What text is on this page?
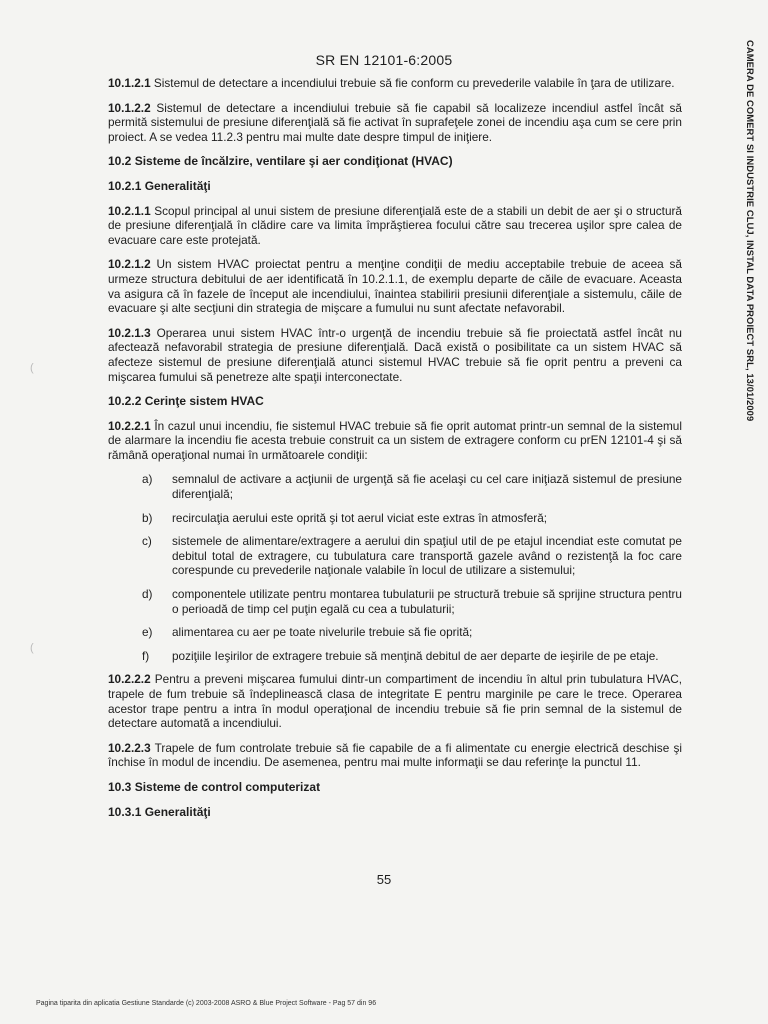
SR EN 12101-6:2005
10.1.2.1 Sistemul de detectare a incendiului trebuie să fie conform cu prevederile valabile în ţara de utilizare.
10.1.2.2 Sistemul de detectare a incendiului trebuie să fie capabil să localizeze incendiul astfel încât să permită sistemului de presiune diferenţială să fie activat în suprafeţele zonei de incendiu aşa cum se cere prin proiect. A se vedea 11.2.3 pentru mai multe date despre timpul de iniţiere.
10.2 Sisteme de încălzire, ventilare şi aer condiţionat (HVAC)
10.2.1 Generalităţi
10.2.1.1 Scopul principal al unui sistem de presiune diferenţială este de a stabili un debit de aer şi o structură de presiune diferenţială în clădire care va limita împrăştierea focului către sau trecerea uşilor spre calea de evacuare care este protejată.
10.2.1.2 Un sistem HVAC proiectat pentru a menţine condiţii de mediu acceptabile trebuie de aceea să urmeze structura debitului de aer identificată în 10.2.1.1, de exemplu departe de căile de evacuare. Aceasta va asigura că în fazele de început ale incendiului, înaintea stabilirii presiunii diferenţiale a sistemulu, căile de evacuare şi alte secţiuni din strategia de mişcare a fumului nu sunt afectate nefavorabil.
10.2.1.3 Operarea unui sistem HVAC într-o urgenţă de incendiu trebuie să fie proiectată astfel încât nu afectează nefavorabil strategia de presiune diferenţială. Dacă există o posibilitate ca un sistem HVAC să afecteze sistemul de presiune diferenţială atunci sistemul HVAC trebuie să fie oprit pentru a preveni ca mişcarea fumului să penetreze alte spaţii interconectate.
10.2.2 Cerinţe sistem HVAC
10.2.2.1 În cazul unui incendiu, fie sistemul HVAC trebuie să fie oprit automat printr-un semnal de la sistemul de alarmare la incendiu fie acesta trebuie construit ca un sistem de extragere conform cu prEN 12101-4 şi să rămână operaţional numai în următoarele condiţii:
a)	semnalul de activare a acţiunii de urgenţă să fie acelaşi cu cel care iniţiază sistemul de presiune diferenţială;
b)	recirculaţia aerului este oprită şi tot aerul viciat este extras în atmosferă;
c)	sistemele de alimentare/extragere a aerului din spaţiul util de pe etajul incendiat este comutat pe debitul total de extragere, cu tubulatura care transportă gazele având o rezistenţă la foc care corespunde cu prevederile naţionale valabile în locul de utilizare a sistemului;
d)	componentele utilizate pentru montarea tubulaturii pe structură trebuie să sprijine structura pentru o perioadă de timp cel puţin egală cu cea a tubulaturii;
e)	alimentarea cu aer pe toate nivelurile trebuie să fie oprită;
f)	poziţiile Ieşirilor de extragere trebuie să menţină debitul de aer departe de ieşirile de pe etaje.
10.2.2.2 Pentru a preveni mişcarea fumului dintr-un compartiment de incendiu în altul prin tubulatura HVAC, trapele de fum trebuie să îndeplinească clasa de integritate E pentru marginile pe care le trece. Operarea acestor trape pentru a intra în modul operaţional de incendiu trebuie să fie prin semnal de la sistemul de detectare automată a incendiului.
10.2.2.3 Trapele de fum controlate trebuie să fie capabile de a fi alimentate cu energie electrică deschise şi închise în modul de incendiu. De asemenea, pentru mai multe informaţii se dau referinţe la punctul 11.
10.3 Sisteme de control computerizat
10.3.1 Generalităţi
55
CAMERA DE COMERT SI INDUSTRIE CLUJ, INSTAL DATA PROIECT SRL, 13/01/2009
Pagina tiparita din aplicatia Gestiune Standarde (c) 2003-2008 ASRO & Blue Project Software - Pag 57 din 96
(
(
